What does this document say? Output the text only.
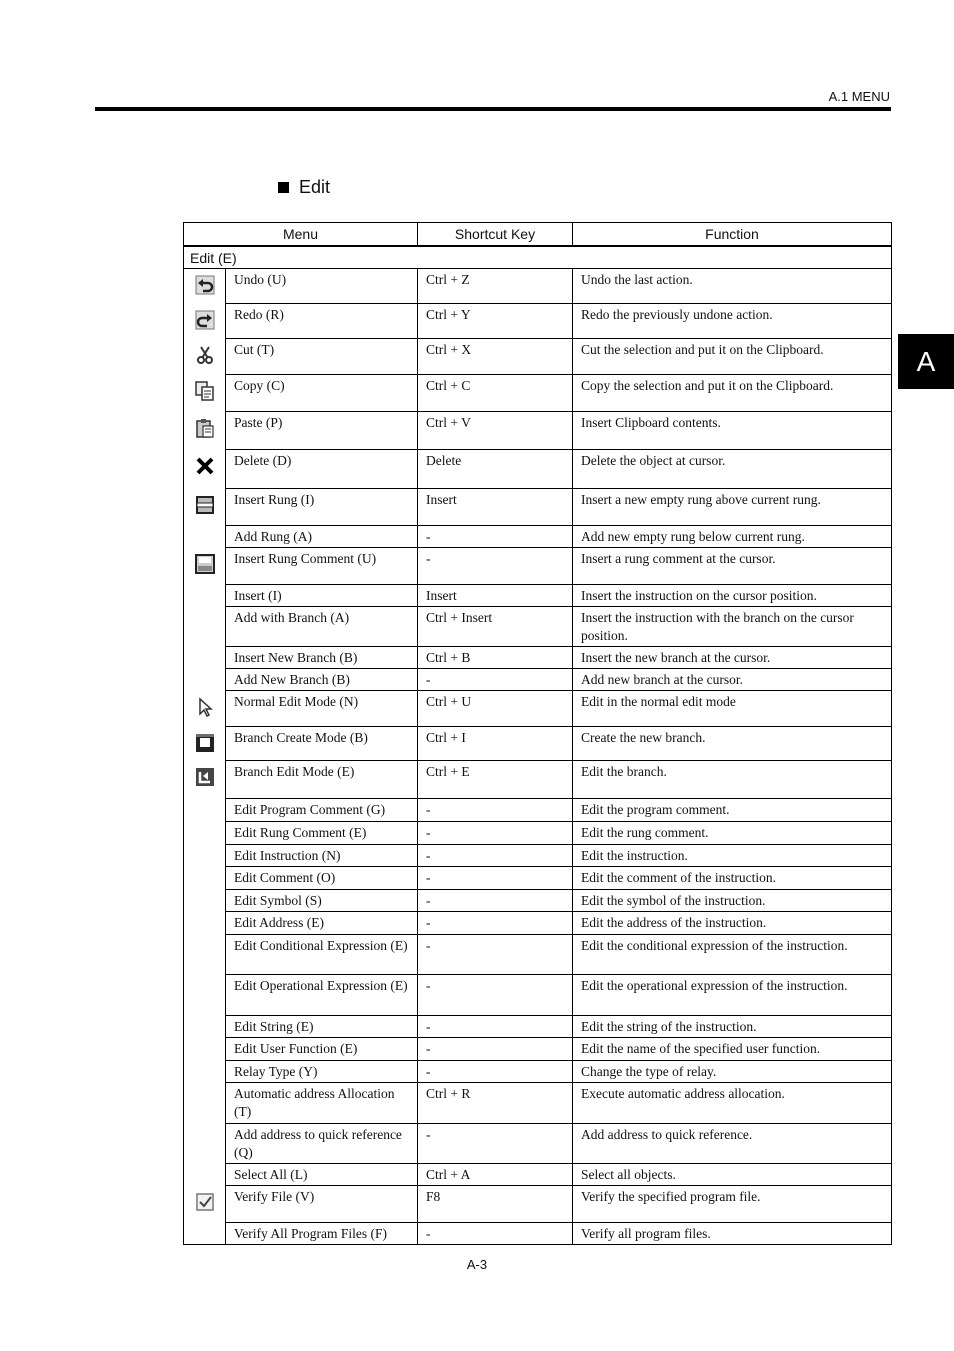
A.1 MENU
A
Edit
Menu		Shortcut Key	Function
Edit (E)			

	Undo (U)	Ctrl + Z	Undo the last action.

	Redo (R)	Ctrl + Y	Redo the previously undone action.

	Cut (T)	Ctrl + X	Cut the selection and put it on the Clipboard.

	Copy (C)	Ctrl + C	Copy the selection and put it on the Clipboard.

	Paste (P)	Ctrl + V	Insert Clipboard contents.

	Delete (D)	Delete	Delete the object at cursor.

	Insert Rung (I)	Insert	Insert a new empty rung above current rung.
	Add Rung (A)	-	Add new empty rung below current rung.

	Insert Rung Comment (U)	-	Insert a rung comment at the cursor.
	Insert (I)	Insert	Insert the instruction on the cursor position.
	Add with Branch (A)	Ctrl + Insert	Insert the instruction with the branch on the cursor position.
	Insert New Branch (B)	Ctrl + B	Insert the new branch at the cursor.
	Add New Branch (B)	-	Add new branch at the cursor.

	Normal Edit Mode (N)	Ctrl + U	Edit in the normal edit mode

	Branch Create Mode (B)	Ctrl + I	Create the new branch.

	Branch Edit Mode (E)	Ctrl + E	Edit the branch.
	Edit Program Comment (G)	-	Edit the program comment.
	Edit Rung Comment (E)	-	Edit the rung comment.
	Edit Instruction (N)	-	Edit the instruction.
	Edit Comment (O)	-	Edit the comment of the instruction.
	Edit Symbol (S)	-	Edit the symbol of the instruction.
	Edit Address (E)	-	Edit the address of the instruction.
	Edit Conditional Expression (E)	-	Edit the conditional expression of the instruction.
	Edit Operational Expression (E)	-	Edit the operational expression of the instruction.
	Edit String (E)	-	Edit the string of the instruction.
	Edit User Function (E)	-	Edit the name of the specified user function.
	Relay Type (Y)	-	Change the type of relay.
	Automatic address Allocation (T)	Ctrl + R	Execute automatic address allocation.
	Add address to quick reference (Q)	-	Add address to quick reference.
	Select All (L)	Ctrl + A	Select all objects.

	Verify File (V)	F8	Verify the specified program file.
	Verify All Program Files (F)	-	Verify all program files.
A-3
